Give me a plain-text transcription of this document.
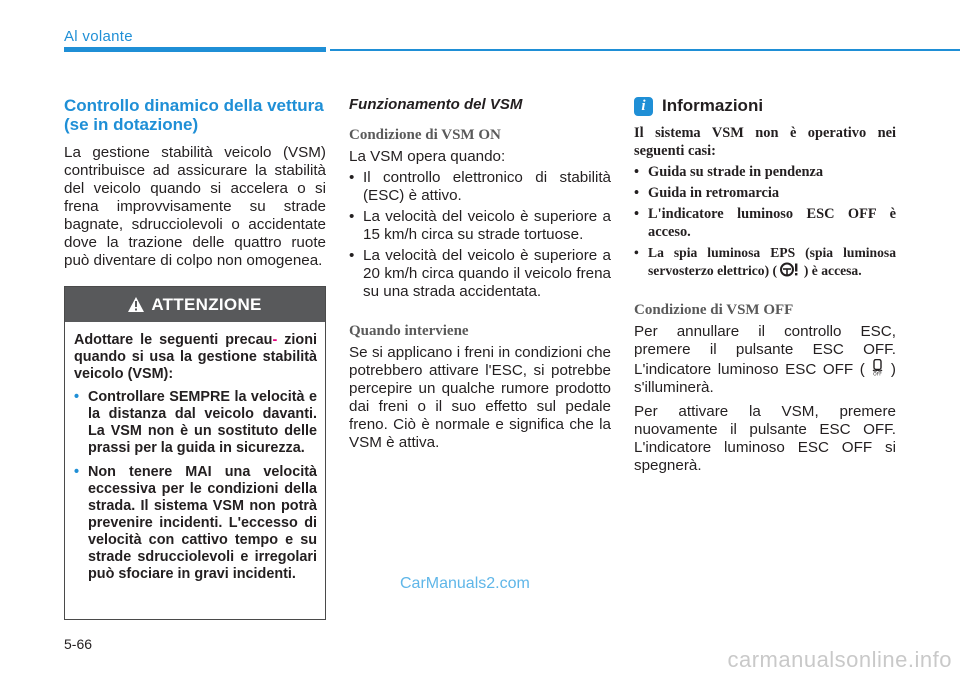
Al volante
Controllo dinamico della vettura (se in dotazione)

La gestione stabilità veicolo (VSM) contribuisce ad assicurare la stabilità del veicolo quando si accelera o si frena improvvisamente su strade bagnate, sdrucciolevoli o accidentate dove la trazione delle quattro ruote può diventare di colpo non omogenea.

ATTENZIONE

Adottare le seguenti precau- zioni quando si usa la gestione stabilità veicolo (VSM):

• Controllare SEMPRE la velocità e la distanza dal veicolo davanti. La VSM non è un sostituto delle prassi per la guida in sicurezza.
• Non tenere MAI una velocità eccessiva per le condizioni della strada. Il sistema VSM non potrà prevenire incidenti. L'eccesso di velocità con cattivo tempo e su strade sdrucciolevoli e irregolari può sfociare in gravi incidenti.
Funzionamento del VSM
Condizione di VSM ON

La VSM opera quando:

• Il controllo elettronico di stabilità (ESC) è attivo.
• La velocità del veicolo è superiore a 15 km/h circa su strade tortuose.
• La velocità del veicolo è superiore a 20 km/h circa quando il veicolo frena su una strada accidentata.
Quando interviene

Se si applicano i freni in condizioni che potrebbero attivare l'ESC, si potrebbe percepire un qualche rumore prodotto dai freni o il suo effetto sul pedale freno. Ciò è normale e significa che la VSM è attiva.

i Informazioni

Il sistema VSM non è operativo nei seguenti casi:

• Guida su strade in pendenza
• Guida in retromarcia
• L'indicatore luminoso ESC OFF è acceso.
• La spia luminosa EPS (spia luminosa servosterzo elettrico) ( ) è accesa.
Condizione di VSM OFF

Per annullare il controllo ESC, premere il pulsante ESC OFF. L'indicatore luminoso ESC OFF ( OFF ) s'illuminerà.

Per attivare la VSM, premere nuovamente il pulsante ESC OFF. L'indicatore luminoso ESC OFF si spegnerà.

CarManuals2.com
5-66
carmanualsonline.info
